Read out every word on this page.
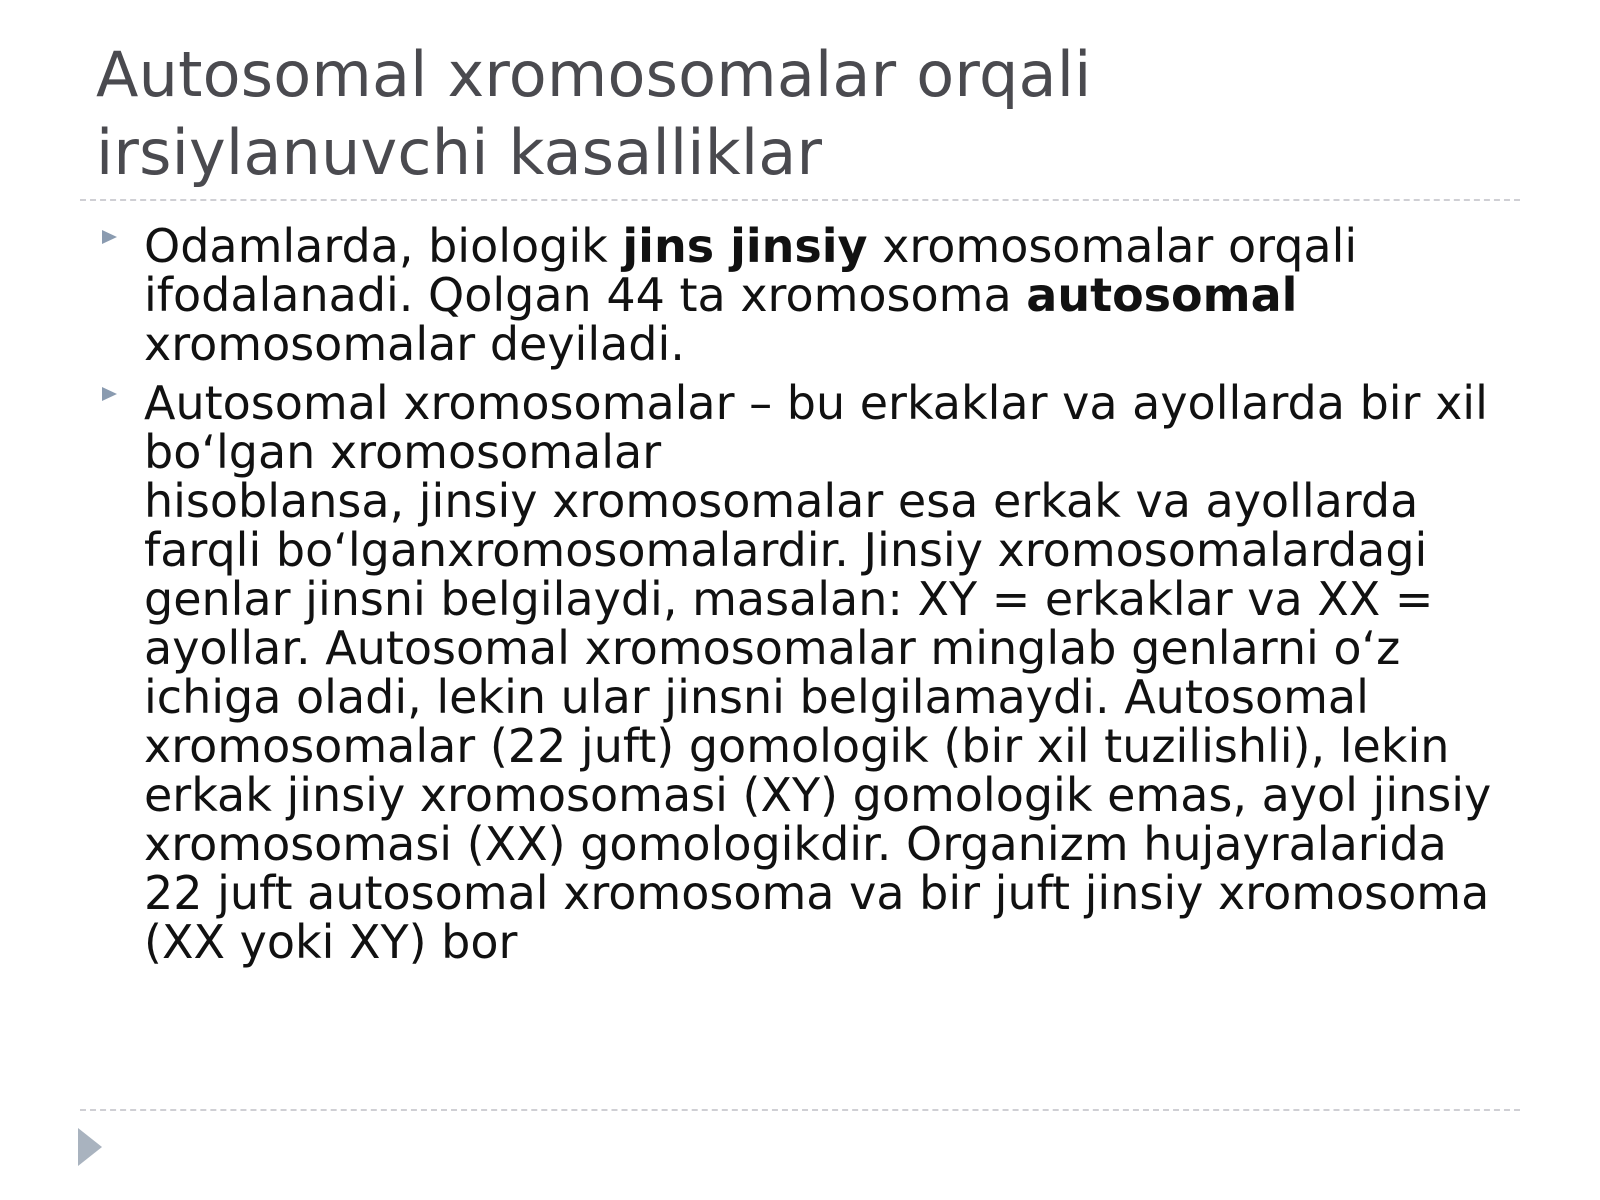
Autosomal xromosomalar orqali
irsiylanuvchi kasalliklar
Odamlarda, biologik jins jinsiy xromosomalar orqali ifodalanadi. Qolgan 44 ta xromosoma autosomal xromosomalar deyiladi.
Autosomal xromosomalar – bu erkaklar va ayollarda bir xil bo‘lgan xromosomalar
hisoblansa, jinsiy xromosomalar esa erkak va ayollarda farqli bo‘lganxromosomalardir. Jinsiy xromosomalardagi genlar jinsni belgilaydi, masalan: XY = erkaklar va XX = ayollar. Autosomal xromosomalar minglab genlarni o‘z ichiga oladi, lekin ular jinsni belgilamaydi. Autosomal xromosomalar (22 juft) gomologik (bir xil tuzilishli), lekin erkak jinsiy xromosomasi (XY) gomologik emas, ayol jinsiy xromosomasi (XX) gomologikdir. Organizm hujayralarida 22 juft autosomal xromosoma va bir juft jinsiy xromosoma (XX yoki XY) bor
